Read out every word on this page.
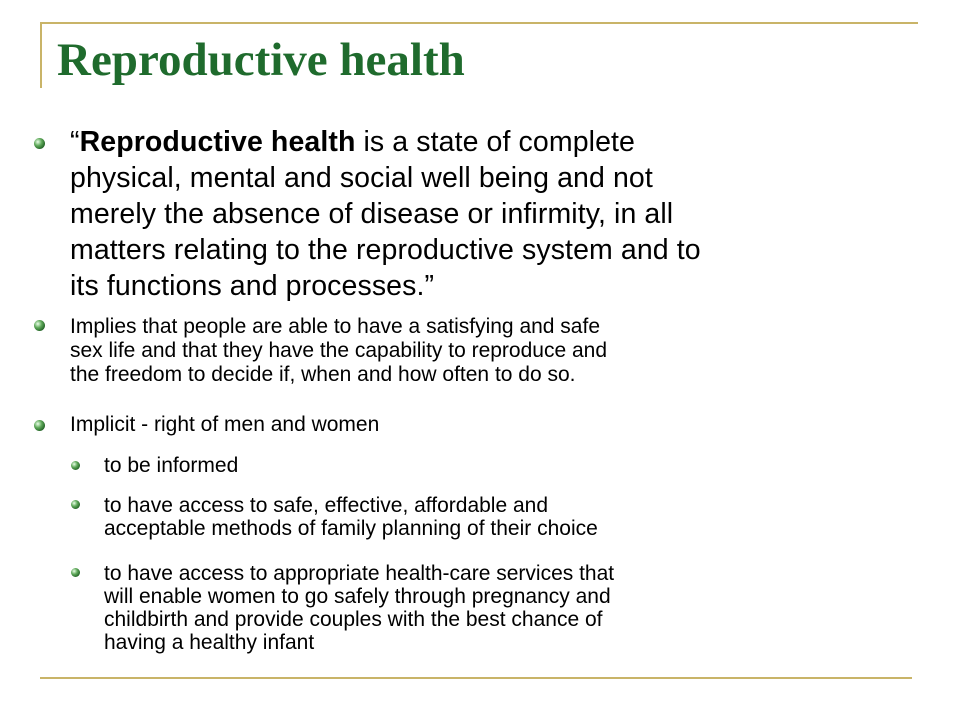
Reproductive health
“Reproductive health is a state of complete
physical, mental and social well being and not
merely the absence of disease or infirmity, in all
matters relating to the reproductive system and to
its functions and processes.”
Implies that people are able to have a satisfying and safe
sex life and that they have the capability to reproduce and
the freedom to decide if, when and how often to do so.
Implicit - right of men and women
to be informed
to have access to safe, effective, affordable and
acceptable methods of family planning of their choice
to have access to appropriate health-care services that
will enable women to go safely through pregnancy and
childbirth and provide couples with the best chance of
having a healthy infant
